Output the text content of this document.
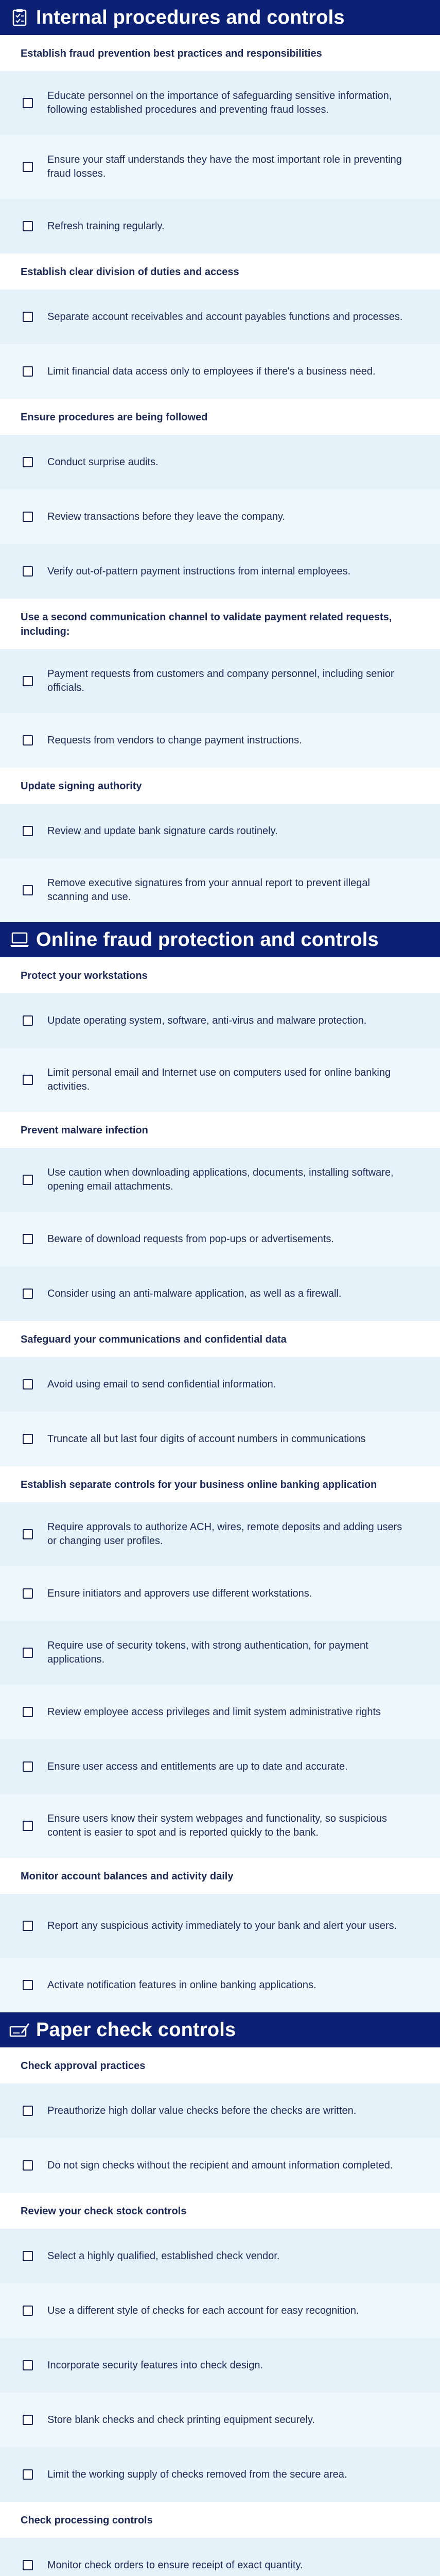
Internal procedures and controls
Establish fraud prevention best practices and responsibilities
Educate personnel on the importance of safeguarding sensitive information, following established procedures and preventing fraud losses.
Ensure your staff understands they have the most important role in preventing fraud losses.
Refresh training regularly.
Establish clear division of duties and access
Separate account receivables and account payables functions and processes.
Limit financial data access only to employees if there's a business need.
Ensure procedures are being followed
Conduct surprise audits.
Review transactions before they leave the company.
Verify out-of-pattern payment instructions from internal employees.
Use a second communication channel to validate payment related requests, including:
Payment requests from customers and company personnel, including senior officials.
Requests from vendors to change payment instructions.
Update signing authority
Review and update bank signature cards routinely.
Remove executive signatures from your annual report to prevent illegal scanning and use.
Online fraud protection and controls
Protect your workstations
Update operating system, software, anti-virus and malware protection.
Limit personal email and Internet use on computers used for online banking activities.
Prevent malware infection
Use caution when downloading applications, documents, installing software, opening email attachments.
Beware of download requests from pop-ups or advertisements.
Consider using an anti-malware application, as well as a firewall.
Safeguard your communications and confidential data
Avoid using email to send confidential information.
Truncate all but last four digits of account numbers in communications
Establish separate controls for your business online banking application
Require approvals to authorize ACH, wires, remote deposits and adding users or changing user profiles.
Ensure initiators and approvers use different workstations.
Require use of security tokens, with strong authentication, for payment applications.
Review employee access privileges and limit system administrative rights
Ensure user access and entitlements are up to date and accurate.
Ensure users know their system webpages and functionality, so suspicious content is easier to spot and is reported quickly to the bank.
Monitor account balances and activity daily
Report any suspicious activity immediately to your bank and alert your users.
Activate notification features in online banking applications.
Paper check controls
Check approval practices
Preauthorize high dollar value checks before the checks are written.
Do not sign checks without the recipient and amount information completed.
Review your check stock controls
Select a highly qualified, established check vendor.
Use a different style of checks for each account for easy recognition.
Incorporate security features into check design.
Store blank checks and check printing equipment securely.
Limit the working supply of checks removed from the secure area.
Check processing controls
Monitor check orders to ensure receipt of exact quantity.
